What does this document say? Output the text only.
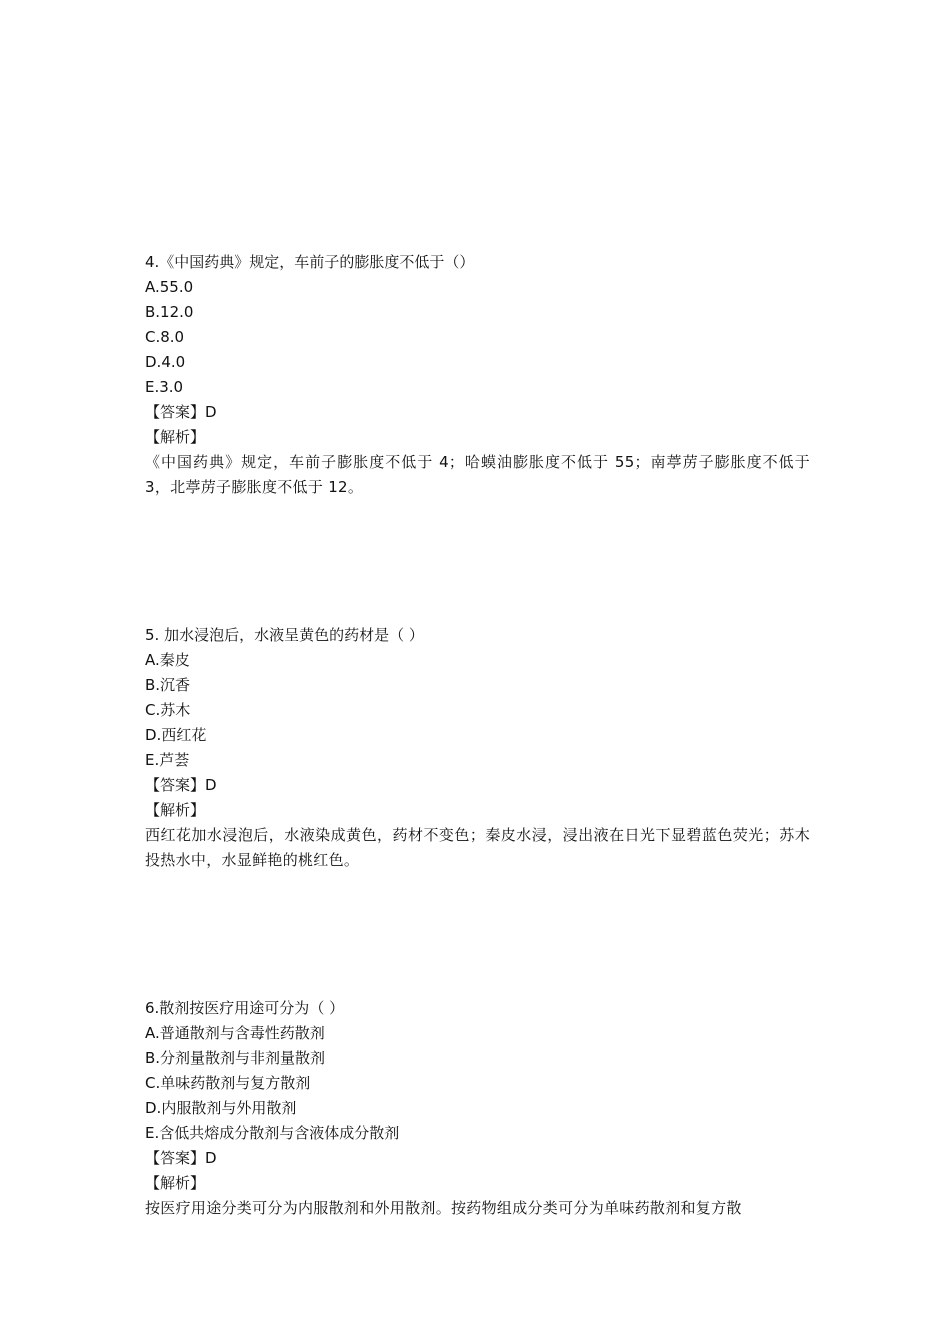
4.《中国药典》规定，车前子的膨胀度不低于（）
A.55.0
B.12.0
C.8.0
D.4.0
E.3.0
【答案】D
【解析】
《中国药典》规定，车前子膨胀度不低于 4；哈蟆油膨胀度不低于 55；南葶苈子膨胀度不低于 3，北葶苈子膨胀度不低于 12。
5. 加水浸泡后，水液呈黄色的药材是（ ）
A.秦皮
B.沉香
C.苏木
D.西红花
E.芦荟
【答案】D
【解析】
西红花加水浸泡后，水液染成黄色，药材不变色；秦皮水浸，浸出液在日光下显碧蓝色荧光；苏木投热水中，水显鲜艳的桃红色。
6.散剂按医疗用途可分为（ ）
A.普通散剂与含毒性药散剂
B.分剂量散剂与非剂量散剂
C.单味药散剂与复方散剂
D.内服散剂与外用散剂
E.含低共熔成分散剂与含液体成分散剂
【答案】D
【解析】
按医疗用途分类可分为内服散剂和外用散剂。按药物组成分类可分为单味药散剂和复方散
